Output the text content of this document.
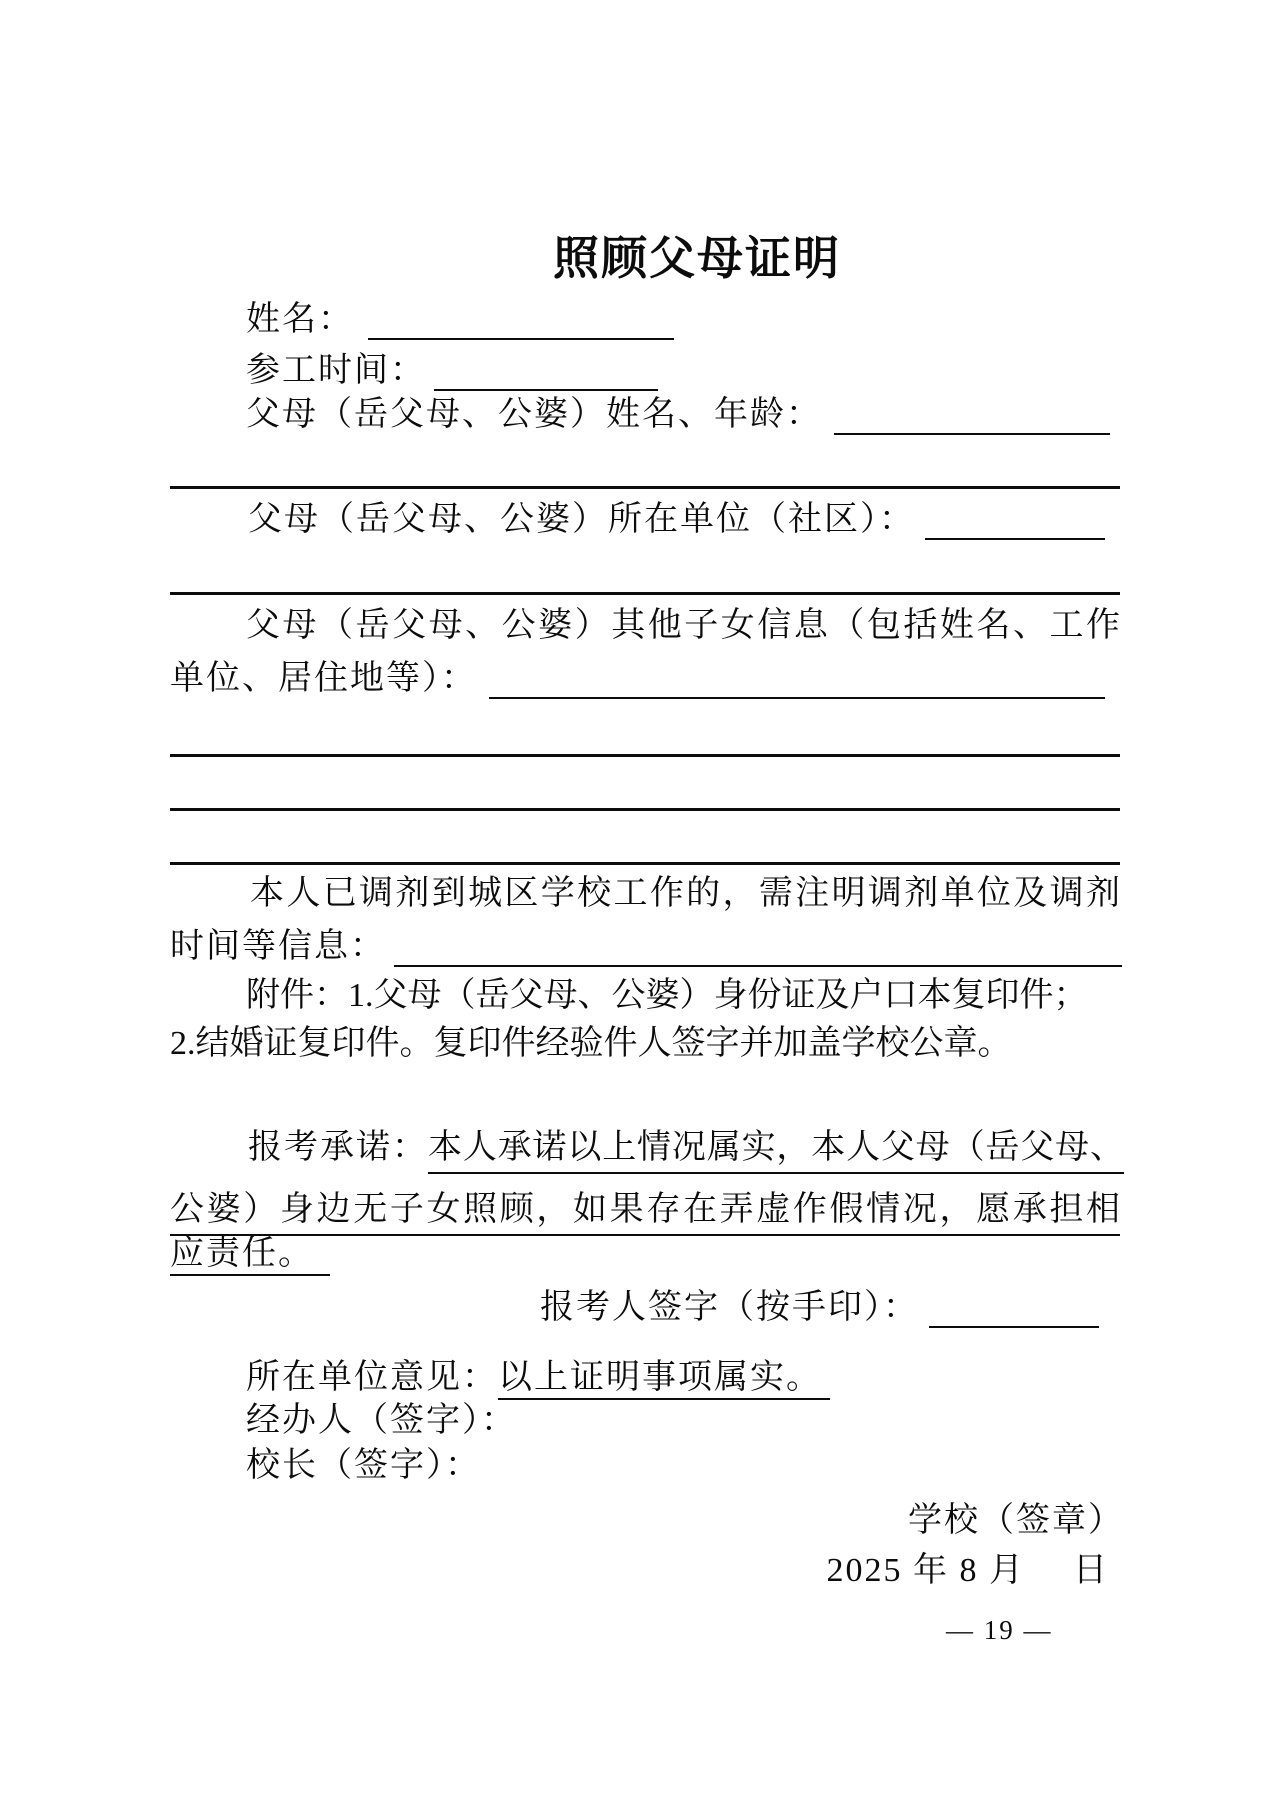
照顾父母证明
姓名：
参工时间：
父母（岳父母、公婆）姓名、年龄：
父母（岳父母、公婆）所在单位（社区）：
父母（岳父母、公婆）其他子女信息（包括姓名、工作
单位、居住地等）：
本人已调剂到城区学校工作的，需注明调剂单位及调剂
时间等信息：
附件：1.父母（岳父母、公婆）身份证及户口本复印件；
2.结婚证复印件。复印件经验件人签字并加盖学校公章。
报考承诺：本人承诺以上情况属实，本人父母（岳父母、
公婆）身边无子女照顾，如果存在弄虚作假情况，愿承担相
应责任。
报考人签字（按手印）：
所在单位意见：以上证明事项属实。
经办人（签字）：
校长（签字）：
学校（签章）
2025 年 8 月 日
— 19 —
